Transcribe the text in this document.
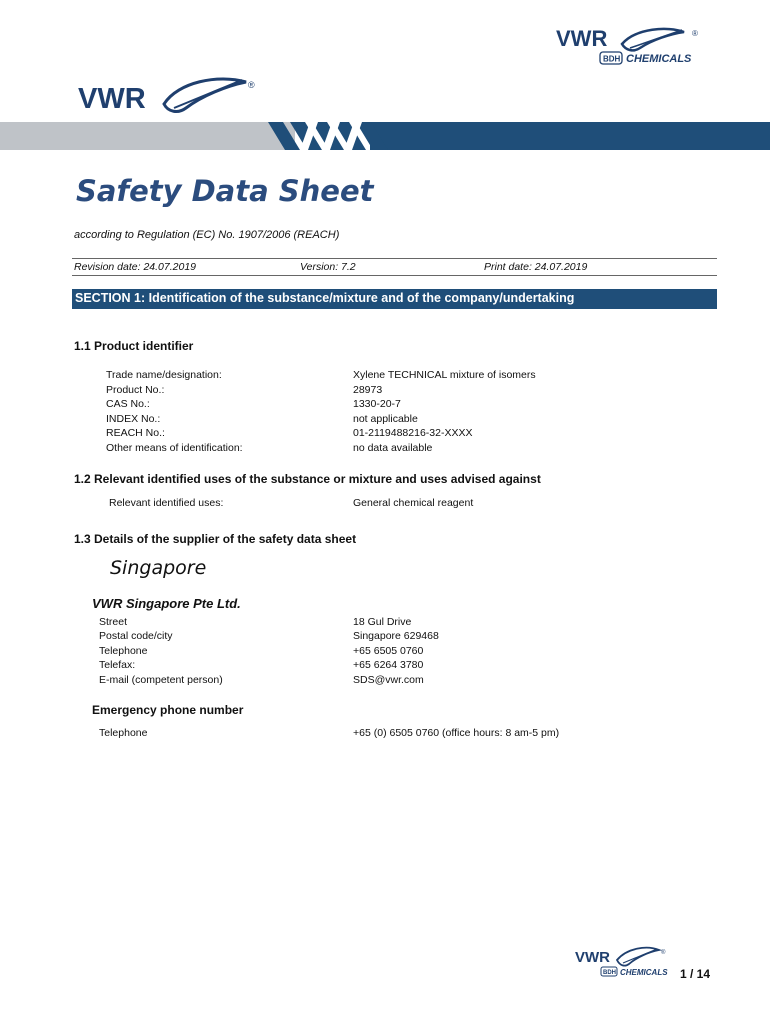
VWR	®
BDH CHEMICALS
VWR	®
Safety Data Sheet
according to Regulation (EC) No. 1907/2006 (REACH)
Revision date: 24.07.2019	Version: 7.2	Print date: 24.07.2019
SECTION 1: Identification of the substance/mixture and of the company/undertaking
1.1 Product identifier
Trade name/designation:	Xylene TECHNICAL mixture of isomers
Product No.:	28973
CAS No.:	1330-20-7
INDEX No.:	not applicable
REACH No.:	01-2119488216-32-XXXX
Other means of identification:	no data available
1.2 Relevant identified uses of the substance or mixture and uses advised against
Relevant identified uses:	General chemical reagent
1.3 Details of the supplier of the safety data sheet
Singapore
VWR Singapore Pte Ltd.
Street	18 Gul Drive
Postal code/city	Singapore 629468
Telephone	+65 6505 0760
Telefax:	+65 6264 3780
E-mail (competent person)	SDS@vwr.com
Emergency phone number
Telephone	+65 (0) 6505 0760 (office hours: 8 am-5 pm)
VWR	®
BDH CHEMICALS 1 / 14
